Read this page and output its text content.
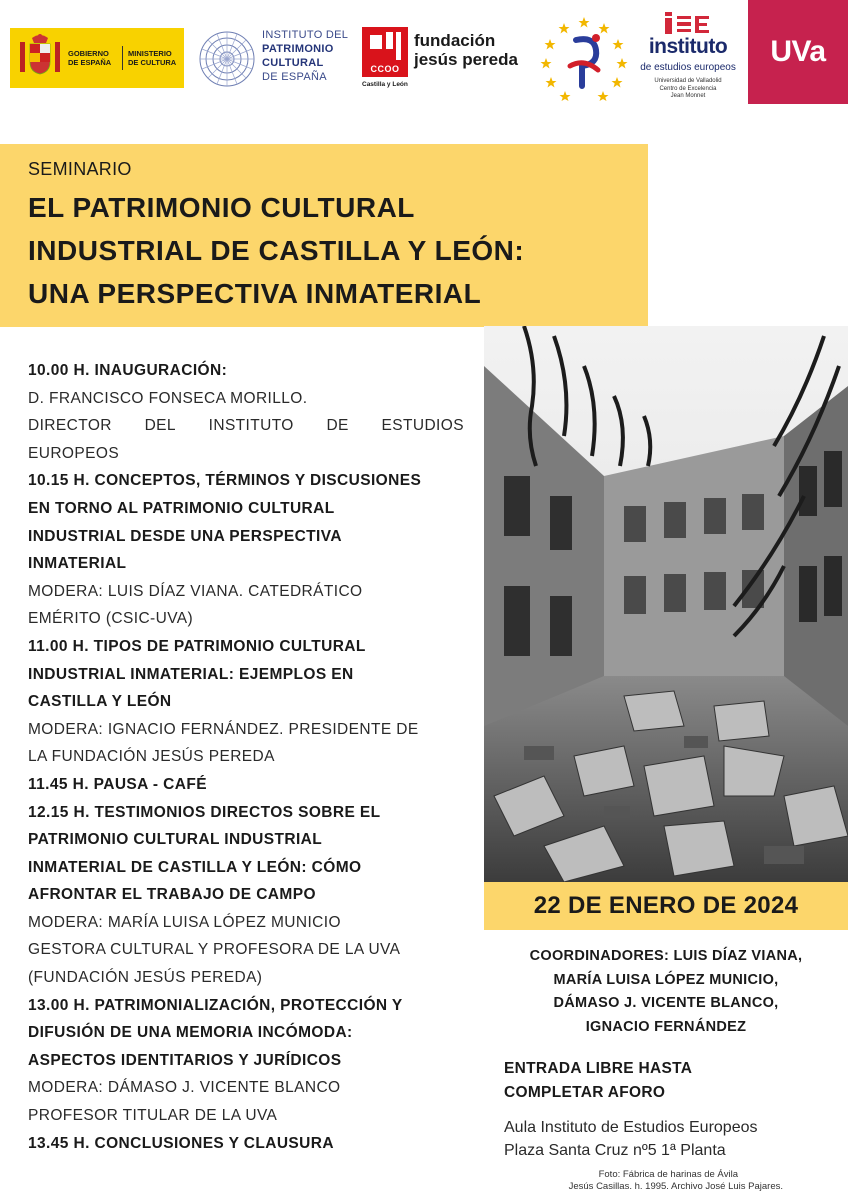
GOBIERNO DE ESPAÑA
MINISTERIO DE CULTURA
INSTITUTO DEL
PATRIMONIO
CULTURAL
DE ESPAÑA
CCOO
Castilla y León
fundación
jesús pereda
instituto
de estudios europeos
Universidad de Valladolid
Centro de Excelencia
Jean Monnet
UVa
SEMINARIO
EL PATRIMONIO CULTURAL
INDUSTRIAL DE CASTILLA Y LEÓN:
UNA PERSPECTIVA INMATERIAL
10.00 H. INAUGURACIÓN:
D. FRANCISCO FONSECA MORILLO.
DIRECTOR DEL INSTITUTO DE ESTUDIOS
EUROPEOS
10.15 H. CONCEPTOS, TÉRMINOS Y DISCUSIONES
EN TORNO AL PATRIMONIO CULTURAL
INDUSTRIAL DESDE UNA PERSPECTIVA
INMATERIAL
MODERA: LUIS DÍAZ VIANA. CATEDRÁTICO
EMÉRITO (CSIC-UVA)
11.00 H. TIPOS DE PATRIMONIO CULTURAL
INDUSTRIAL INMATERIAL: EJEMPLOS EN
CASTILLA Y LEÓN
MODERA: IGNACIO FERNÁNDEZ. PRESIDENTE DE
LA FUNDACIÓN JESÚS PEREDA
11.45 H. PAUSA - CAFÉ
12.15 H. TESTIMONIOS DIRECTOS SOBRE EL
PATRIMONIO CULTURAL INDUSTRIAL
INMATERIAL DE CASTILLA Y LEÓN: CÓMO
AFRONTAR EL TRABAJO DE CAMPO
MODERA: MARÍA LUISA LÓPEZ MUNICIO
GESTORA CULTURAL Y PROFESORA DE LA UVA
(FUNDACIÓN JESÚS PEREDA)
13.00 H. PATRIMONIALIZACIÓN, PROTECCIÓN Y
DIFUSIÓN DE UNA MEMORIA INCÓMODA:
ASPECTOS IDENTITARIOS Y JURÍDICOS
MODERA: DÁMASO J. VICENTE BLANCO
PROFESOR TITULAR DE LA UVA
13.45 H. CONCLUSIONES Y CLAUSURA
22 DE ENERO DE 2024
COORDINADORES: LUIS DÍAZ VIANA,
MARÍA LUISA LÓPEZ MUNICIO,
DÁMASO J. VICENTE BLANCO,
IGNACIO FERNÁNDEZ
ENTRADA LIBRE HASTA
COMPLETAR AFORO
Aula Instituto de Estudios Europeos
Plaza Santa Cruz nº5 1ª Planta
Foto: Fábrica de harinas de Ávila
Jesús Casillas. h. 1995. Archivo José Luis Pajares.
